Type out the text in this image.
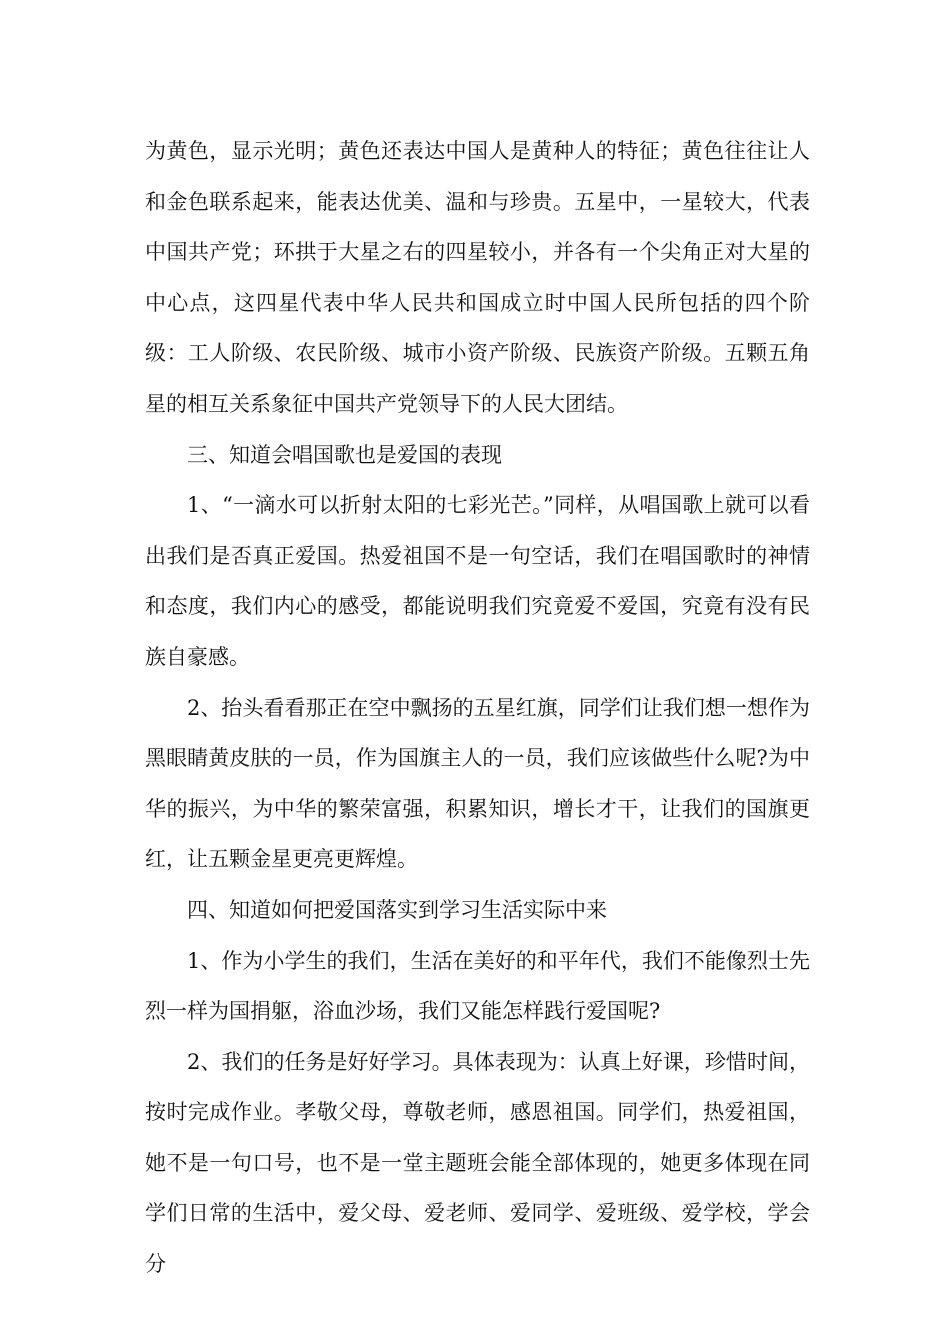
为黄色，显示光明；黄色还表达中国人是黄种人的特征；黄色往往让人和金色联系起来，能表达优美、温和与珍贵。五星中，一星较大，代表中国共产党；环拱于大星之右的四星较小，并各有一个尖角正对大星的中心点，这四星代表中华人民共和国成立时中国人民所包括的四个阶级：工人阶级、农民阶级、城市小资产阶级、民族资产阶级。五颗五角星的相互关系象征中国共产党领导下的人民大团结。

三、知道会唱国歌也是爱国的表现

1、“一滴水可以折射太阳的七彩光芒。”同样，从唱国歌上就可以看出我们是否真正爱国。热爱祖国不是一句空话，我们在唱国歌时的神情和态度，我们内心的感受，都能说明我们究竟爱不爱国，究竟有没有民族自豪感。

2、抬头看看那正在空中飘扬的五星红旗，同学们让我们想一想作为黑眼睛黄皮肤的一员，作为国旗主人的一员，我们应该做些什么呢?为中华的振兴，为中华的繁荣富强，积累知识，增长才干，让我们的国旗更红，让五颗金星更亮更辉煌。

四、知道如何把爱国落实到学习生活实际中来

1、作为小学生的我们，生活在美好的和平年代，我们不能像烈士先烈一样为国捐躯，浴血沙场，我们又能怎样践行爱国呢?

2、我们的任务是好好学习。具体表现为：认真上好课，珍惜时间，按时完成作业。孝敬父母，尊敬老师，感恩祖国。同学们，热爱祖国，她不是一句口号，也不是一堂主题班会能全部体现的，她更多体现在同学们日常的生活中，爱父母、爱老师、爱同学、爱班级、爱学校，学会分
